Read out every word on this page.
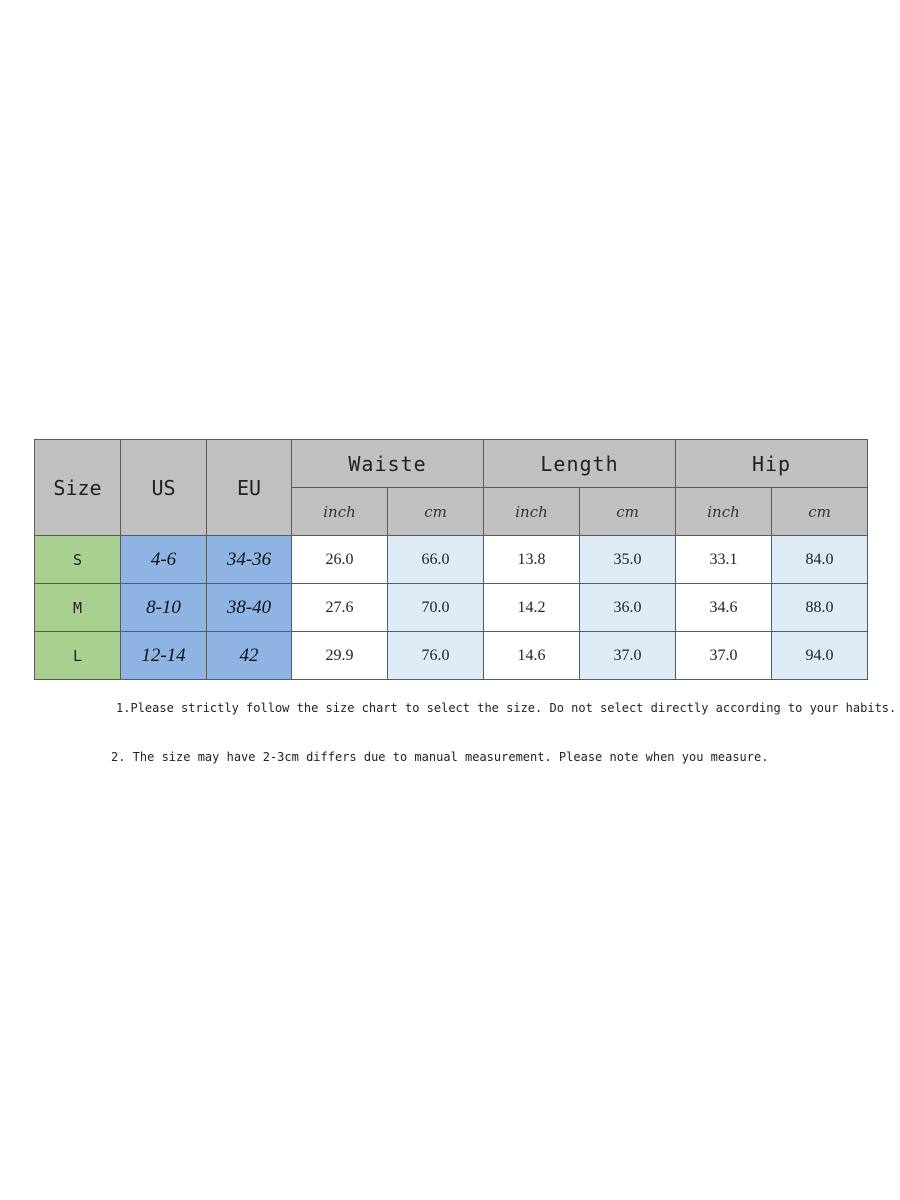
Size	US	EU	Waiste		Length		Hip	
			inch	cm	inch	cm	inch	cm
S	4-6	34-36	26.0	66.0	13.8	35.0	33.1	84.0
M	8-10	38-40	27.6	70.0	14.2	36.0	34.6	88.0
L	12-14	42	29.9	76.0	14.6	37.0	37.0	94.0
1.Please strictly follow the size chart to select the size. Do not select directly according to your habits.
2. The size may have 2-3cm differs due to manual measurement. Please note when you measure.
